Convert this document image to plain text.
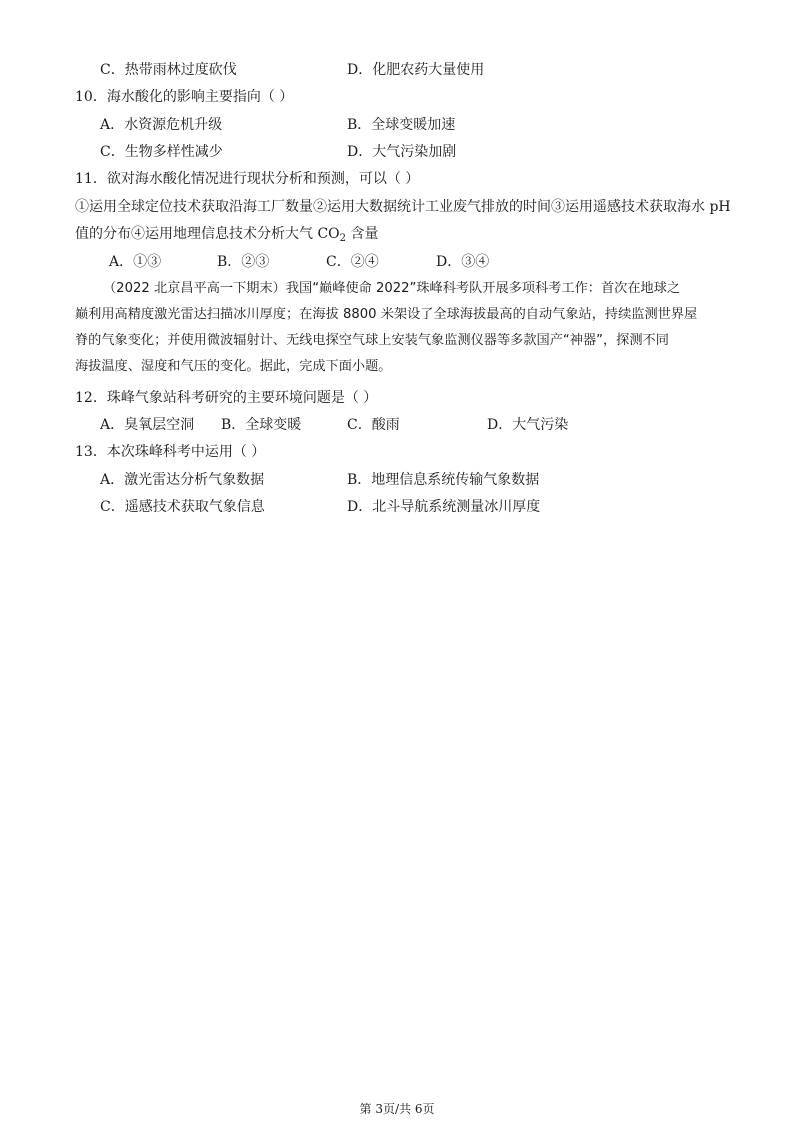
C．热带雨林过度砍伐	D．化肥农药大量使用
10．海水酸化的影响主要指向（ ）
A．水资源危机升级	B．全球变暖加速
C．生物多样性减少	D．大气污染加剧
11．欲对海水酸化情况进行现状分析和预测，可以（ ）
①运用全球定位技术获取沿海工厂数量②运用大数据统计工业废气排放的时间③运用遥感技术获取海水 pH
值的分布④运用地理信息技术分析大气 $CO_2$ 含量
A．①③	B．②③	C．②④	D．③④
（2022 北京昌平高一下期末）我国“巅峰使命 2022”珠峰科考队开展多项科考工作：首次在地球之
巅利用高精度激光雷达扫描冰川厚度；在海拔 8800 米架设了全球海拔最高的自动气象站，持续监测世界屋
脊的气象变化；并使用微波辐射计、无线电探空气球上安装气象监测仪器等多款国产“神器”，探测不同
海拔温度、湿度和气压的变化。据此，完成下面小题。
12．珠峰气象站科考研究的主要环境问题是（ ）
A．臭氧层空洞 B．全球变暖	C．酸雨	D．大气污染
13．本次珠峰科考中运用（ ）
A．激光雷达分析气象数据	B．地理信息系统传输气象数据
C．遥感技术获取气象信息	D．北斗导航系统测量冰川厚度
第 3页/共 6页
